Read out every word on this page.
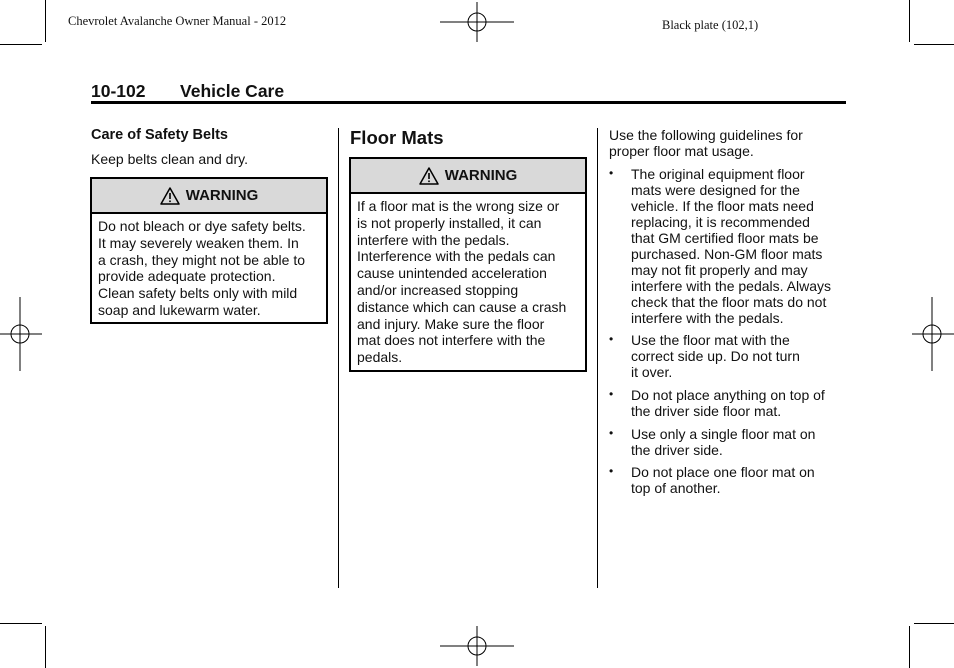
Chevrolet Avalanche Owner Manual - 2012	Black plate (102,1)
10-102 Vehicle Care
Care of Safety Belts
Keep belts clean and dry.
WARNING
Do not bleach or dye safety belts.
It may severely weaken them. In
a crash, they might not be able to
provide adequate protection.
Clean safety belts only with mild
soap and lukewarm water.
Floor Mats
WARNING
If a floor mat is the wrong size or
is not properly installed, it can
interfere with the pedals.
Interference with the pedals can
cause unintended acceleration
and/or increased stopping
distance which can cause a crash
and injury. Make sure the floor
mat does not interfere with the
pedals.
Use the following guidelines for
proper floor mat usage.
• The original equipment floor
mats were designed for the
vehicle. If the floor mats need
replacing, it is recommended
that GM certified floor mats be
purchased. Non-GM floor mats
may not fit properly and may
interfere with the pedals. Always
check that the floor mats do not
interfere with the pedals.
• Use the floor mat with the
correct side up. Do not turn
it over.
• Do not place anything on top of
the driver side floor mat.
• Use only a single floor mat on
the driver side.
• Do not place one floor mat on
top of another.
